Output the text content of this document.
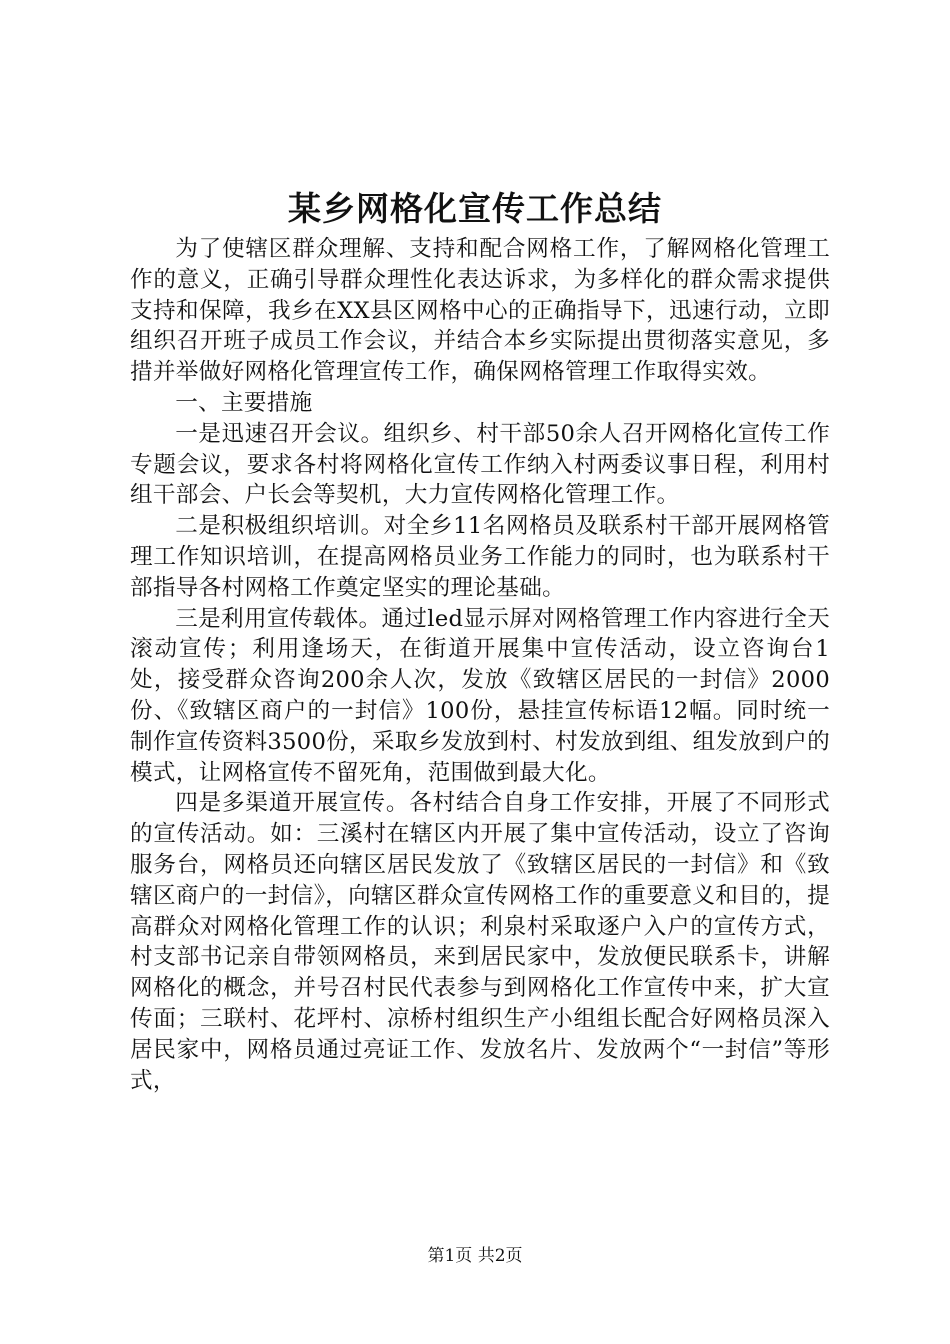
某乡网格化宣传工作总结

为了使辖区群众理解、支持和配合网格工作，了解网格化管理工作的意义，正确引导群众理性化表达诉求，为多样化的群众需求提供支持和保障，我乡在XX县区网格中心的正确指导下，迅速行动，立即组织召开班子成员工作会议，并结合本乡实际提出贯彻落实意见，多措并举做好网格化管理宣传工作，确保网格管理工作取得实效。

一、主要措施

一是迅速召开会议。组织乡、村干部50余人召开网格化宣传工作专题会议，要求各村将网格化宣传工作纳入村两委议事日程，利用村组干部会、户长会等契机，大力宣传网格化管理工作。

二是积极组织培训。对全乡11名网格员及联系村干部开展网格管理工作知识培训，在提高网格员业务工作能力的同时，也为联系村干部指导各村网格工作奠定坚实的理论基础。

三是利用宣传载体。通过led显示屏对网格管理工作内容进行全天滚动宣传；利用逢场天，在街道开展集中宣传活动，设立咨询台1处，接受群众咨询200余人次，发放《致辖区居民的一封信》2000份、《致辖区商户的一封信》100份，悬挂宣传标语12幅。同时统一制作宣传资料3500份，采取乡发放到村、村发放到组、组发放到户的模式，让网格宣传不留死角，范围做到最大化。

四是多渠道开展宣传。各村结合自身工作安排，开展了不同形式的宣传活动。如：三溪村在辖区内开展了集中宣传活动，设立了咨询服务台，网格员还向辖区居民发放了《致辖区居民的一封信》和《致辖区商户的一封信》，向辖区群众宣传网格工作的重要意义和目的，提高群众对网格化管理工作的认识；利泉村采取逐户入户的宣传方式，村支部书记亲自带领网格员，来到居民家中，发放便民联系卡，讲解网格化的概念，并号召村民代表参与到网格化工作宣传中来，扩大宣传面；三联村、花坪村、凉桥村组织生产小组组长配合好网格员深入居民家中，网格员通过亮证工作、发放名片、发放两个“一封信”等形式，

第1页 共2页
